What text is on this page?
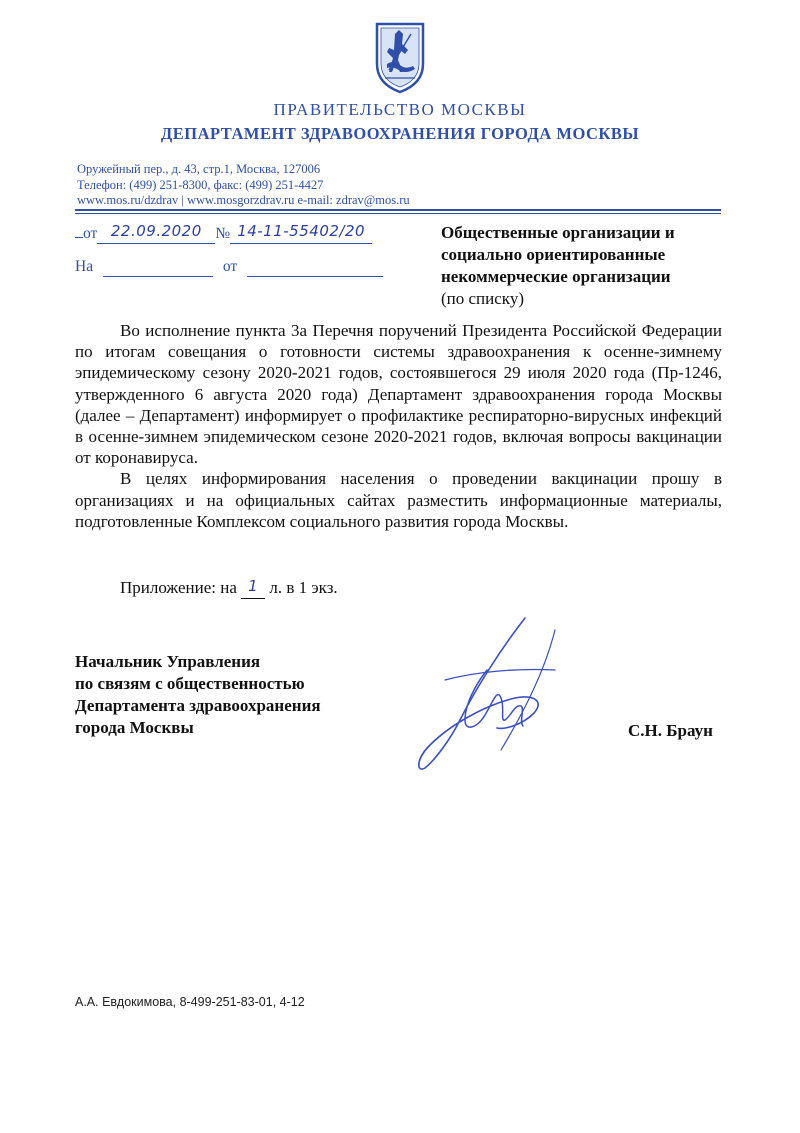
ПРАВИТЕЛЬСТВО МОСКВЫ
ДЕПАРТАМЕНТ ЗДРАВООХРАНЕНИЯ ГОРОДА МОСКВЫ
Оружейный пер., д. 43, стр.1, Москва, 127006
Телефон: (499) 251-8300, факс: (499) 251-4427
www.mos.ru/dzdrav | www.mosgorzdrav.ru e-mail: zdrav@mos.ru
от 22.09.2020 № 14-11-55402/20
На	от
Общественные организации и
социально ориентированные
некоммерческие организации
(по списку)

Во исполнение пункта 3а Перечня поручений Президента Российской Федерации по итогам совещания о готовности системы здравоохранения к осенне-зимнему эпидемическому сезону 2020-2021 годов, состоявшегося 29 июля 2020 года (Пр-1246, утвержденного 6 августа 2020 года) Департамент здравоохранения города Москвы (далее – Департамент) информирует о профилактике респираторно-вирусных инфекций в осенне-зимнем эпидемическом сезоне 2020-2021 годов, включая вопросы вакцинации от коронавируса.

В целях информирования населения о проведении вакцинации прошу в организациях и на официальных сайтах разместить информационные материалы, подготовленные Комплексом социального развития города Москвы.

Приложение: на 1 л. в 1 экз.
Начальник Управления
по связям с общественностью
Департамента здравоохранения
города Москвы	С.Н. Браун
А.А. Евдокимова, 8-499-251-83-01, 4-12
